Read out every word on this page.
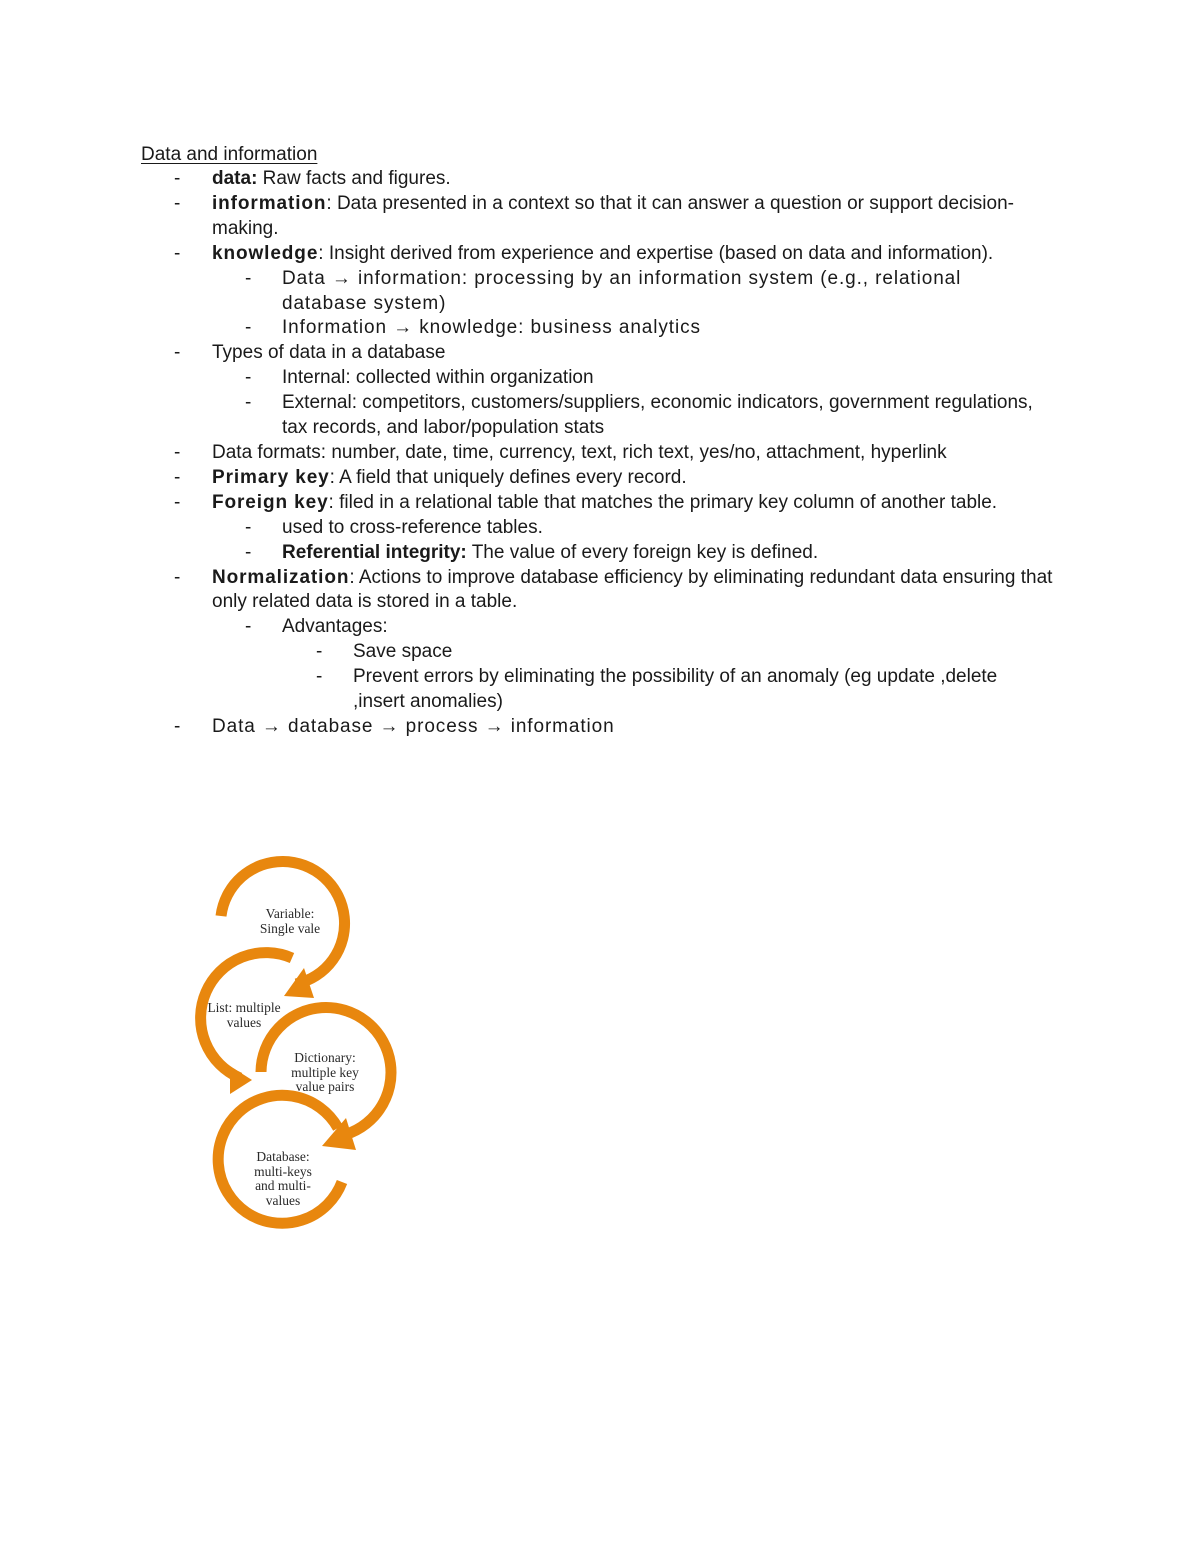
Data and information
-	data: Raw facts and figures.
-	information: Data presented in a context so that it can answer a question or support decision-making.
-	knowledge: Insight derived from experience and expertise (based on data and information).
-	Data → information: processing by an information system (e.g., relational database system)
-	Information → knowledge: business analytics
-	Types of data in a database
-	Internal: collected within organization
-	External: competitors, customers/suppliers, economic indicators, government regulations, tax records, and labor/population stats
-	Data formats: number, date, time, currency, text, rich text, yes/no, attachment, hyperlink
-	Primary key: A field that uniquely defines every record.
-	Foreign key: filed in a relational table that matches the primary key column of another table.
-	used to cross-reference tables.
-	Referential integrity: The value of every foreign key is defined.
-	Normalization: Actions to improve database efficiency by eliminating redundant data ensuring that only related data is stored in a table.
-	Advantages:
-	Save space
-	Prevent errors by eliminating the possibility of an anomaly (eg update ,delete ,insert anomalies)
-	Data → database → process → information
Variable:
Single vale
List: multiple
values
Dictionary:
multiple key
value pairs
Database:
multi-keys
and multi-
values
